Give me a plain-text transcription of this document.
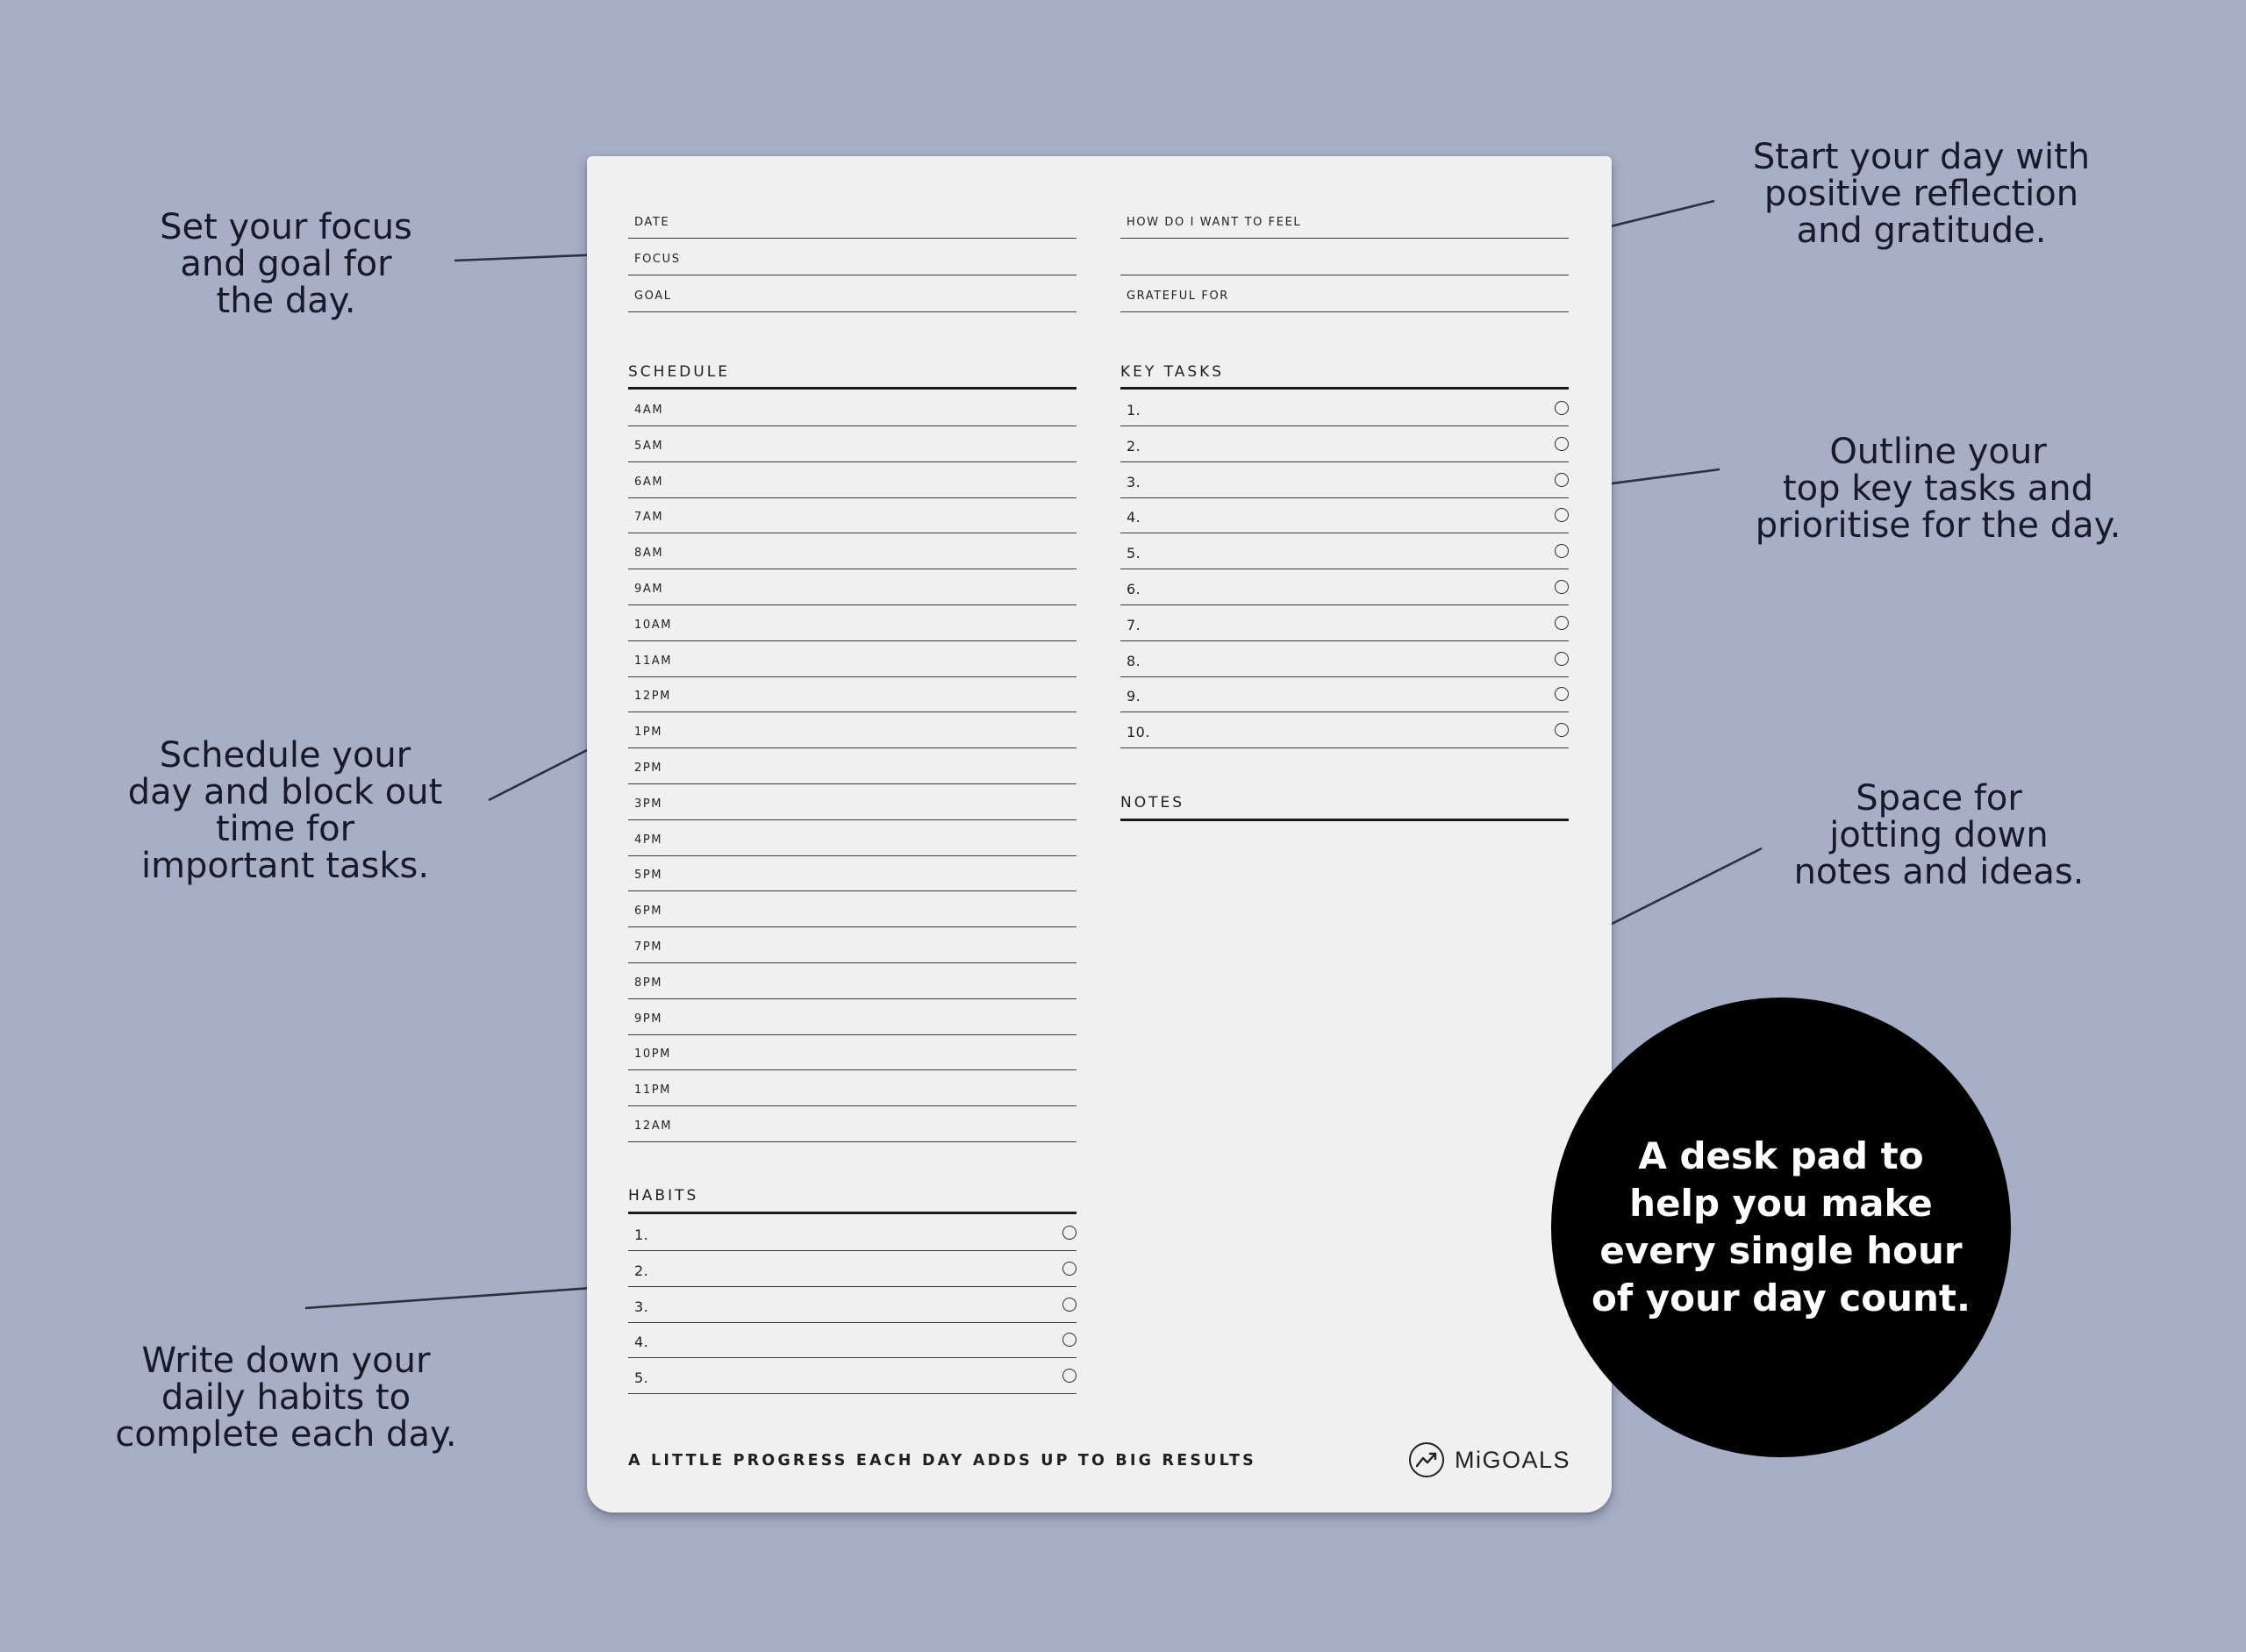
DATE
FOCUS
GOAL
HOW DO I WANT TO FEEL
GRATEFUL FOR
SCHEDULE
4AM
5AM
6AM
7AM
8AM
9AM
10AM
11AM
12PM
1PM
2PM
3PM
4PM
5PM
6PM
7PM
8PM
9PM
10PM
11PM
12AM
KEY TASKS
1.
2.
3.
4.
5.
6.
7.
8.
9.
10.
NOTES
HABITS
1.
2.
3.
4.
5.
A LITTLE PROGRESS EACH DAY ADDS UP TO BIG RESULTS	MiGOALS
Set your focus
and goal for
the day.
Schedule your
day and block out
time for
important tasks.
Write down your
daily habits to
complete each day.
Start your day with
positive reflection
and gratitude.
Outline your
top key tasks and
prioritise for the day.
Space for
jotting down
notes and ideas.
A desk pad to
help you make
every single hour
of your day count.
